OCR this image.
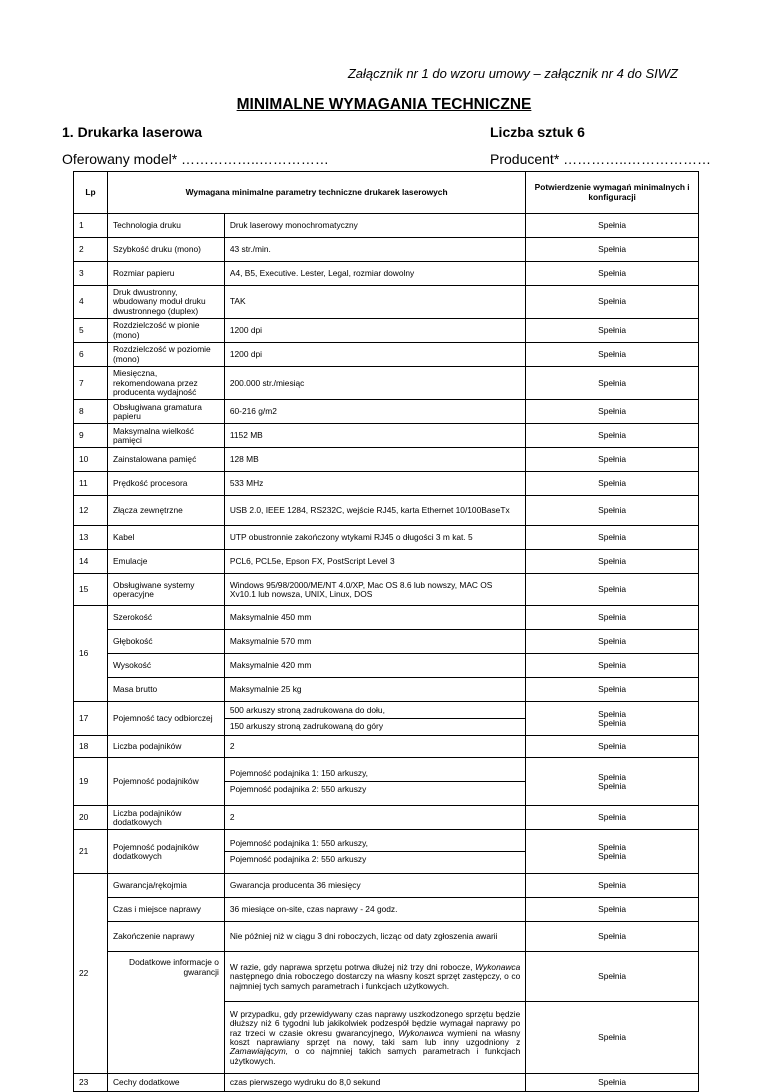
Załącznik nr 1 do wzoru umowy – załącznik nr 4 do SIWZ
MINIMALNE WYMAGANIA TECHNICZNE
1. Drukarka laserowa	Liczba sztuk 6
Oferowany model* ……………..……………	Producent* …………..………………
Lp	Wymagana minimalne parametry techniczne drukarek laserowych		Potwierdzenie wymagań minimalnych i konfiguracji
1	Technologia druku	Druk laserowy monochromatyczny	Spełnia
2	Szybkość druku (mono)	43 str./min.	Spełnia
3	Rozmiar papieru	A4, B5, Executive. Lester, Legal, rozmiar dowolny	Spełnia
4	Druk dwustronny, wbudowany moduł druku dwustronnego (duplex)	TAK	Spełnia
5	Rozdzielczość w pionie (mono)	1200 dpi	Spełnia
6	Rozdzielczość w poziomie (mono)	1200 dpi	Spełnia
7	Miesięczna, rekomendowana przez producenta wydajność	200.000 str./miesiąc	Spełnia
8	Obsługiwana gramatura papieru	60-216 g/m2	Spełnia
9	Maksymalna wielkość pamięci	1152 MB	Spełnia
10	Zainstalowana pamięć	128 MB	Spełnia
11	Prędkość procesora	533 MHz	Spełnia
12	Złącza zewnętrzne	USB 2.0, IEEE 1284, RS232C, wejście RJ45, karta Ethernet 10/100BaseTx	Spełnia
13	Kabel	UTP obustronnie zakończony wtykami RJ45 o długości 3 m kat. 5	Spełnia
14	Emulacje	PCL6, PCL5e, Epson FX, PostScript Level 3	Spełnia
15	Obsługiwane systemy operacyjne	Windows 95/98/2000/ME/NT 4.0/XP, Mac OS 8.6 lub nowszy, MAC OS Xv10.1 lub nowsza, UNIX, Linux, DOS	Spełnia
16	Szerokość	Maksymalnie 450 mm	Spełnia
	Głębokość	Maksymalnie 570 mm	Spełnia
	Wysokość	Maksymalnie 420 mm	Spełnia
	Masa brutto	Maksymalnie 25 kg	Spełnia
17	Pojemność tacy odbiorczej	500 arkuszy stroną zadrukowana do dołu,
150 arkuszy stroną zadrukowaną do góry	Spełnia
Spełnia

18	Liczba podajników	2	Spełnia
19	Pojemność podajników	Pojemność podajnika 1: 150 arkuszy,
Pojemność podajnika 2: 550 arkuszy	Spełnia
Spełnia

20	Liczba podajników dodatkowych	2	Spełnia
21	Pojemność podajników dodatkowych	Pojemność podajnika 1: 550 arkuszy,
Pojemność podajnika 2: 550 arkuszy	Spełnia
Spełnia

22	Gwarancja/rękojmia	Gwarancja producenta 36 miesięcy	Spełnia
	Czas i miejsce naprawy	36 miesiące on-site, czas naprawy - 24 godz.	Spełnia
	Zakończenie naprawy	Nie później niż w ciągu 3 dni roboczych, licząc od daty zgłoszenia awarii	Spełnia
	Dodatkowe informacje o gwarancji	W razie, gdy naprawa sprzętu potrwa dłużej niż trzy dni robocze, Wykonawca następnego dnia roboczego dostarczy na własny koszt sprzęt zastępczy, o co najmniej tych samych parametrach i funkcjach użytkowych.	Spełnia
		W przypadku, gdy przewidywany czas naprawy uszkodzonego sprzętu będzie dłuższy niż 6 tygodni lub jakikolwiek podzespół będzie wymagał naprawy po raz trzeci w czasie okresu gwarancyjnego, Wykonawca wymieni na własny koszt naprawiany sprzęt na nowy, taki sam lub inny uzgodniony z Zamawiającym, o co najmniej takich samych parametrach i funkcjach użytkowych.	Spełnia
23	Cechy dodatkowe	czas pierwszego wydruku do 8,0 sekund	Spełnia
